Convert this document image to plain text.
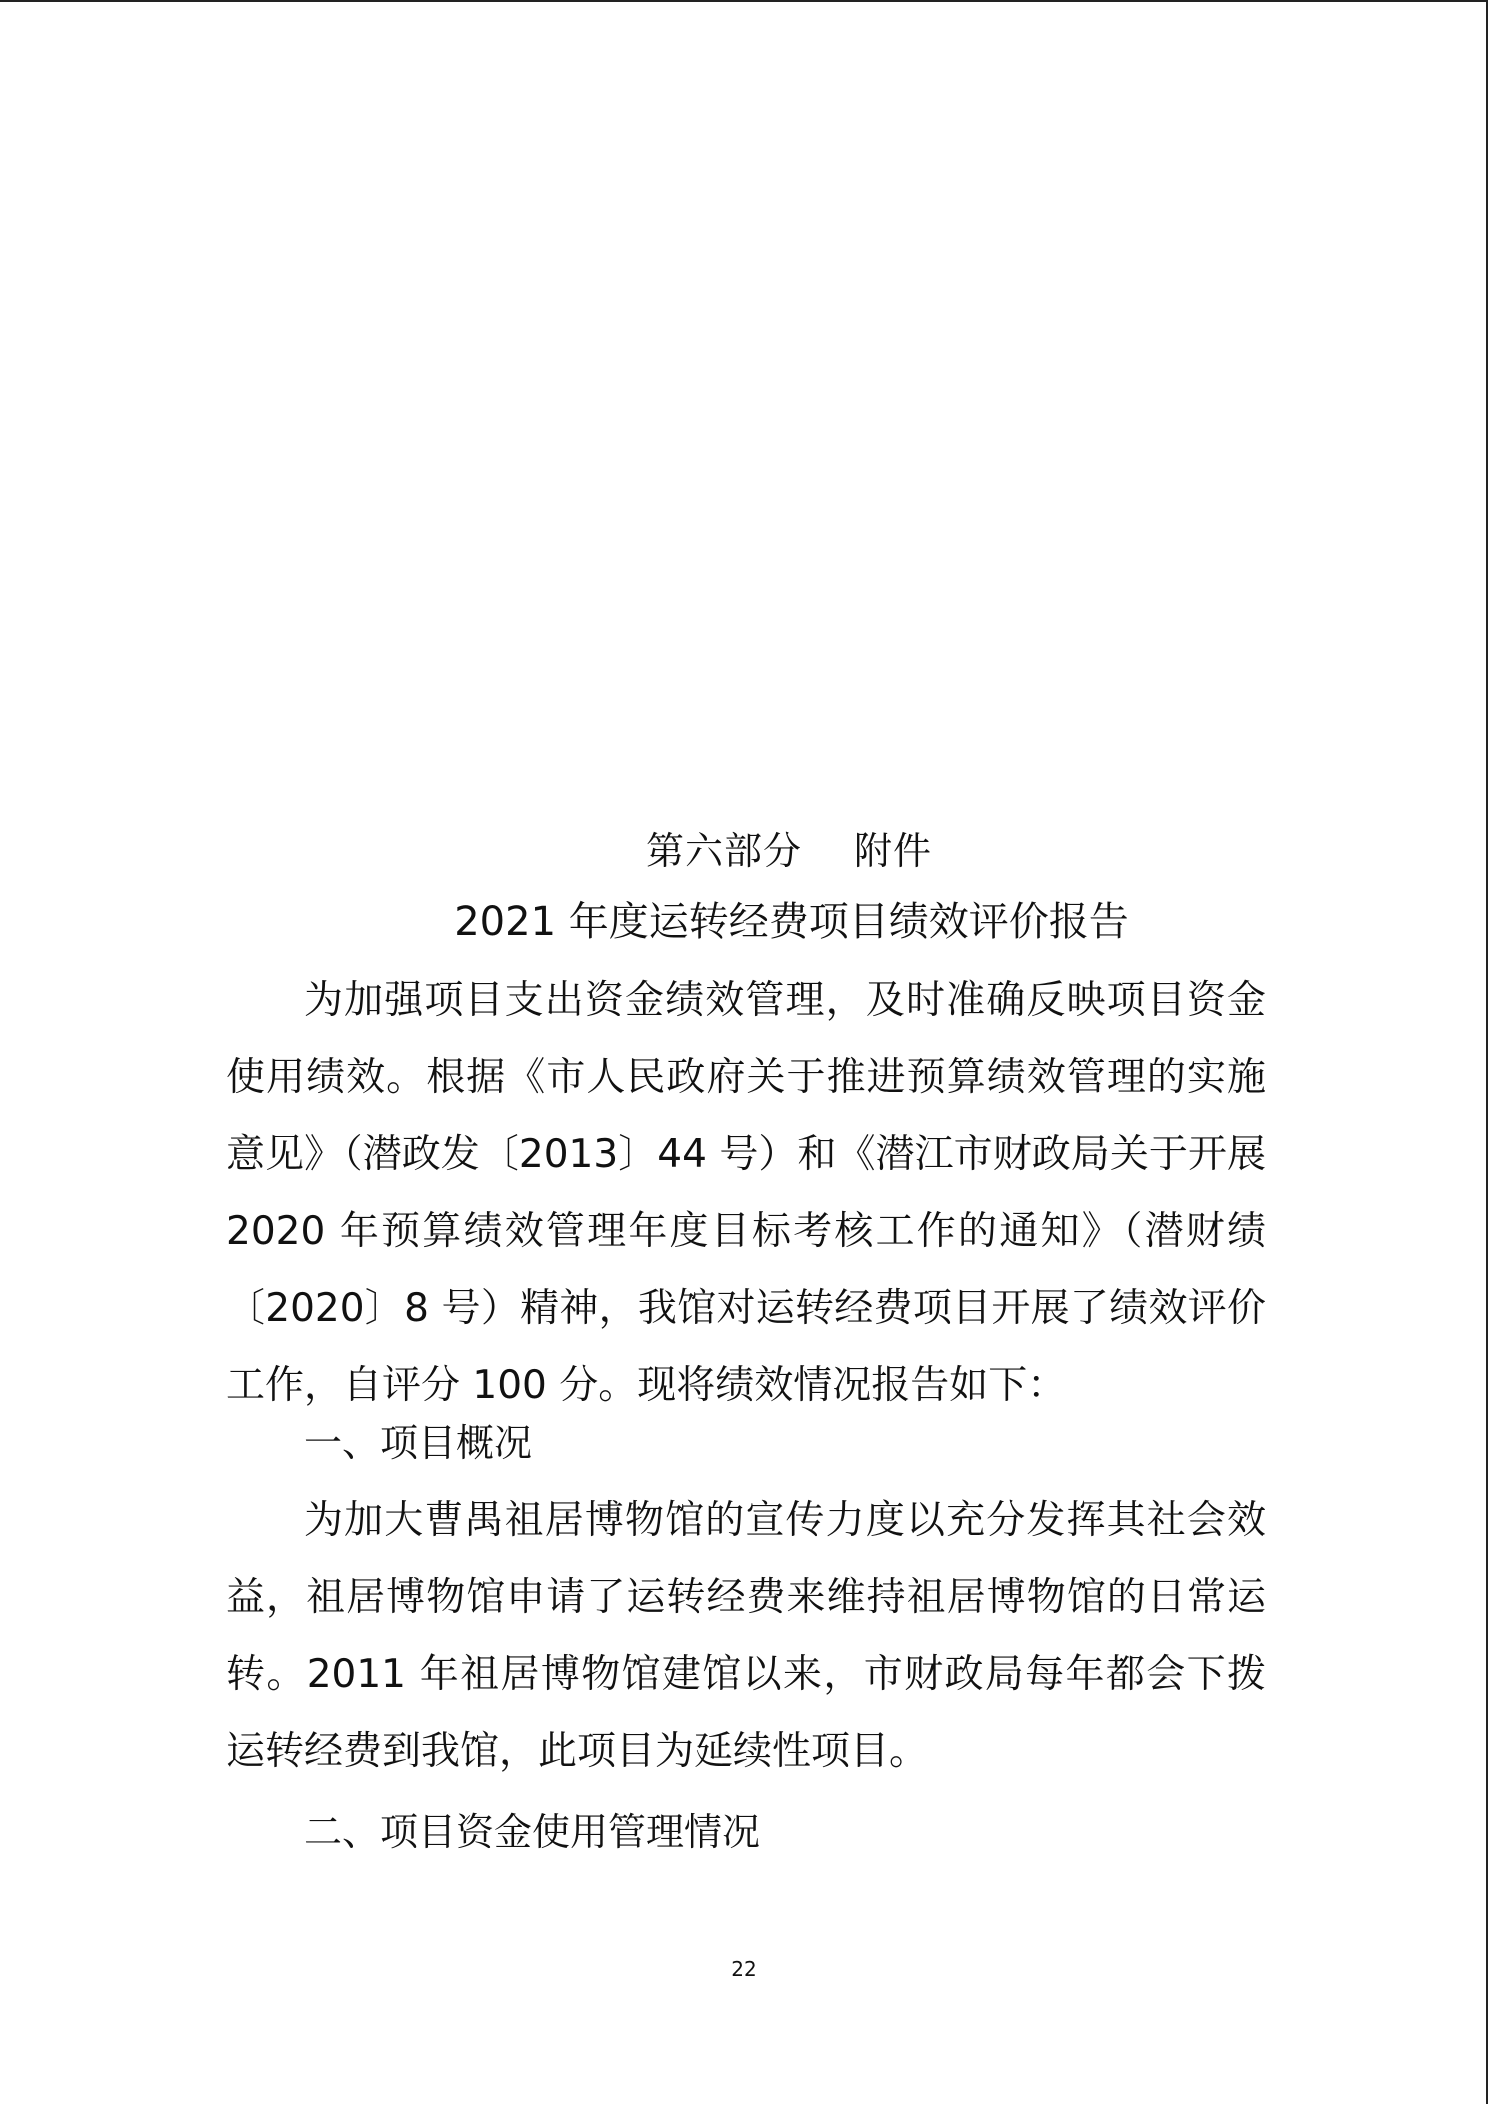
第六部分　 附件
2021 年度运转经费项目绩效评价报告

为加强项目支出资金绩效管理，及时准确反映项目资金使用绩效。根据《市人民政府关于推进预算绩效管理的实施意见》（潜政发〔2013〕44 号）和《潜江市财政局关于开展2020 年预算绩效管理年度目标考核工作的通知》（潜财绩〔2020〕8 号）精神，我馆对运转经费项目开展了绩效评价工作，自评分 100 分。现将绩效情况报告如下：

一、项目概况

为加大曹禺祖居博物馆的宣传力度以充分发挥其社会效益，祖居博物馆申请了运转经费来维持祖居博物馆的日常运转。2011 年祖居博物馆建馆以来，市财政局每年都会下拨运转经费到我馆，此项目为延续性项目。

二、项目资金使用管理情况
22
